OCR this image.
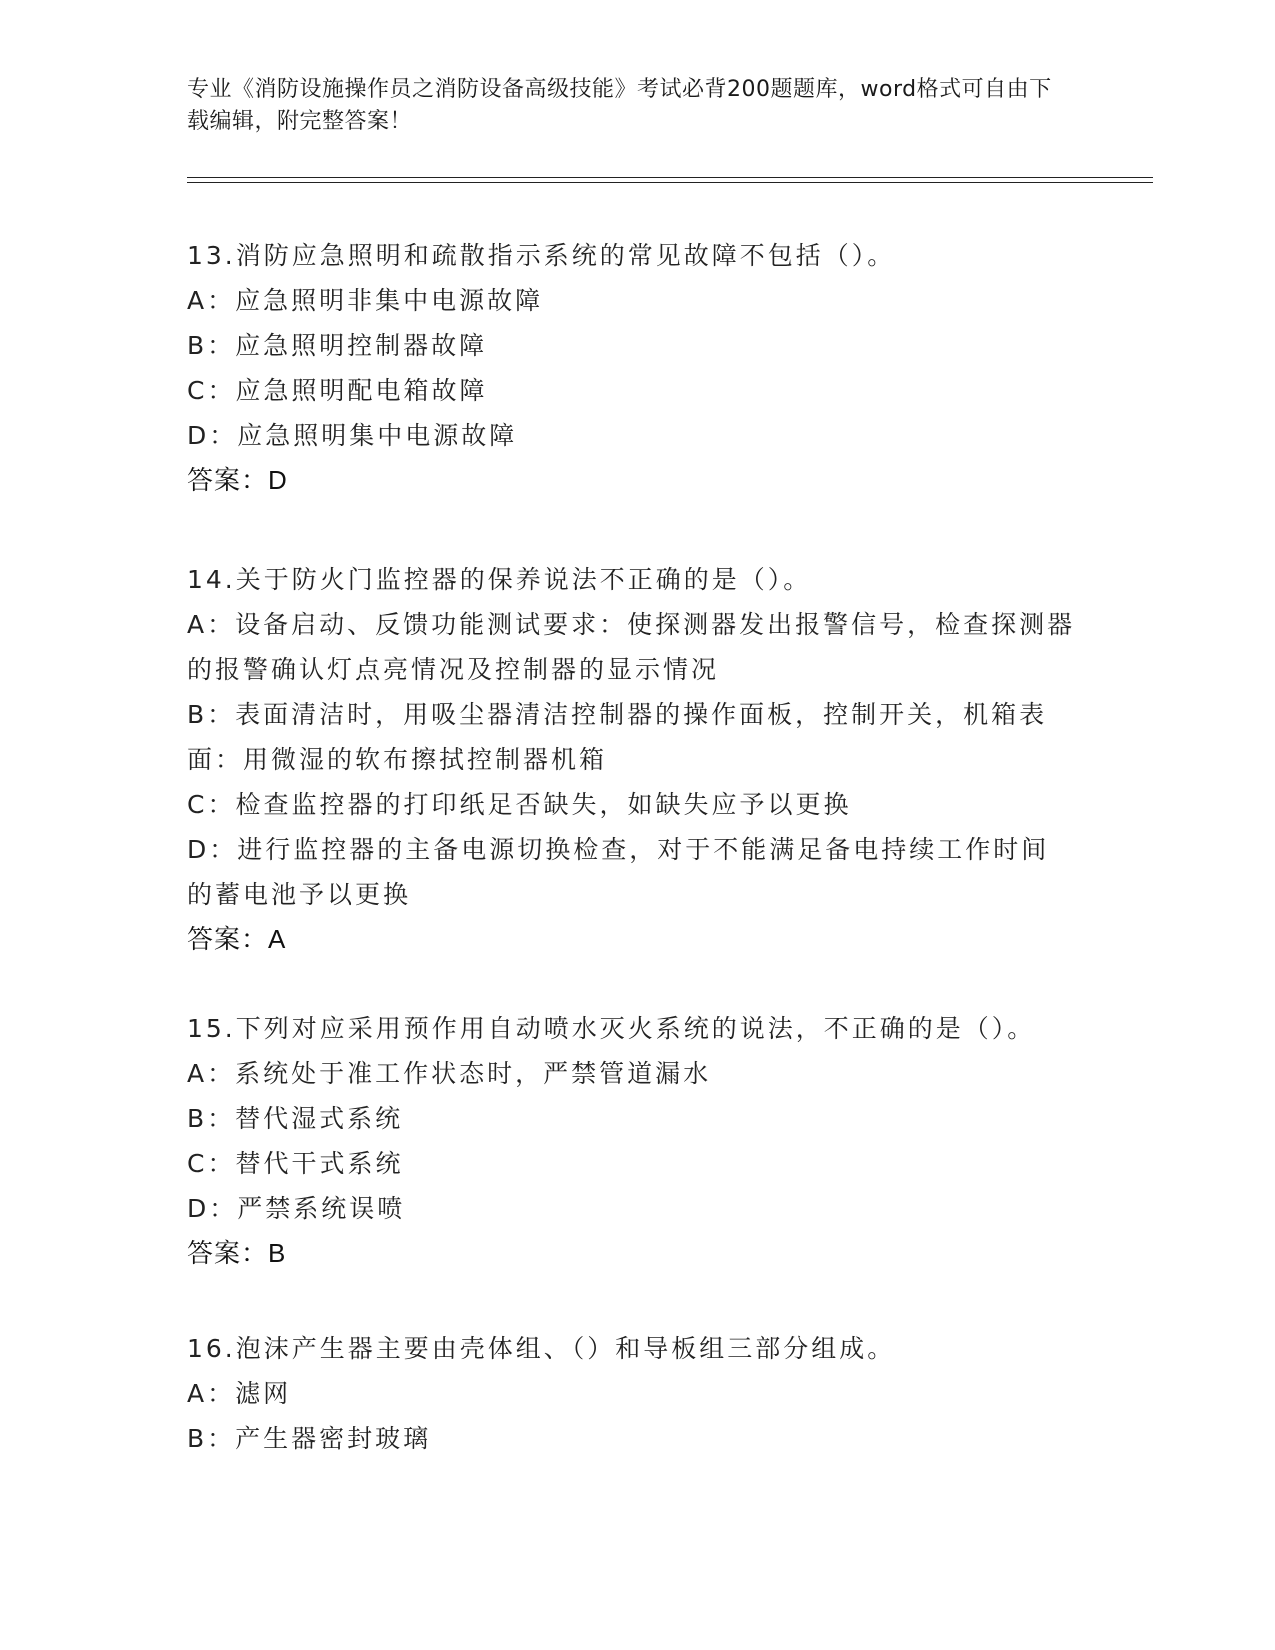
专业《消防设施操作员之消防设备高级技能》考试必背200题题库，word格式可自由下载编辑，附完整答案！
13.消防应急照明和疏散指示系统的常见故障不包括（）。
A：应急照明非集中电源故障
B：应急照明控制器故障
C：应急照明配电箱故障
D：应急照明集中电源故障
答案：D
14.关于防火门监控器的保养说法不正确的是（）。
A：设备启动、反馈功能测试要求：使探测器发出报警信号，检查探测器的报警确认灯点亮情况及控制器的显示情况
B：表面清洁时，用吸尘器清洁控制器的操作面板，控制开关，机箱表面：用微湿的软布擦拭控制器机箱
C：检查监控器的打印纸足否缺失，如缺失应予以更换
D：进行监控器的主备电源切换检查，对于不能满足备电持续工作时间的蓄电池予以更换
答案：A
15.下列对应采用预作用自动喷水灭火系统的说法，不正确的是（）。
A：系统处于准工作状态时，严禁管道漏水
B：替代湿式系统
C：替代干式系统
D：严禁系统误喷
答案：B
16.泡沫产生器主要由壳体组、（）和导板组三部分组成。
A：滤网
B：产生器密封玻璃
